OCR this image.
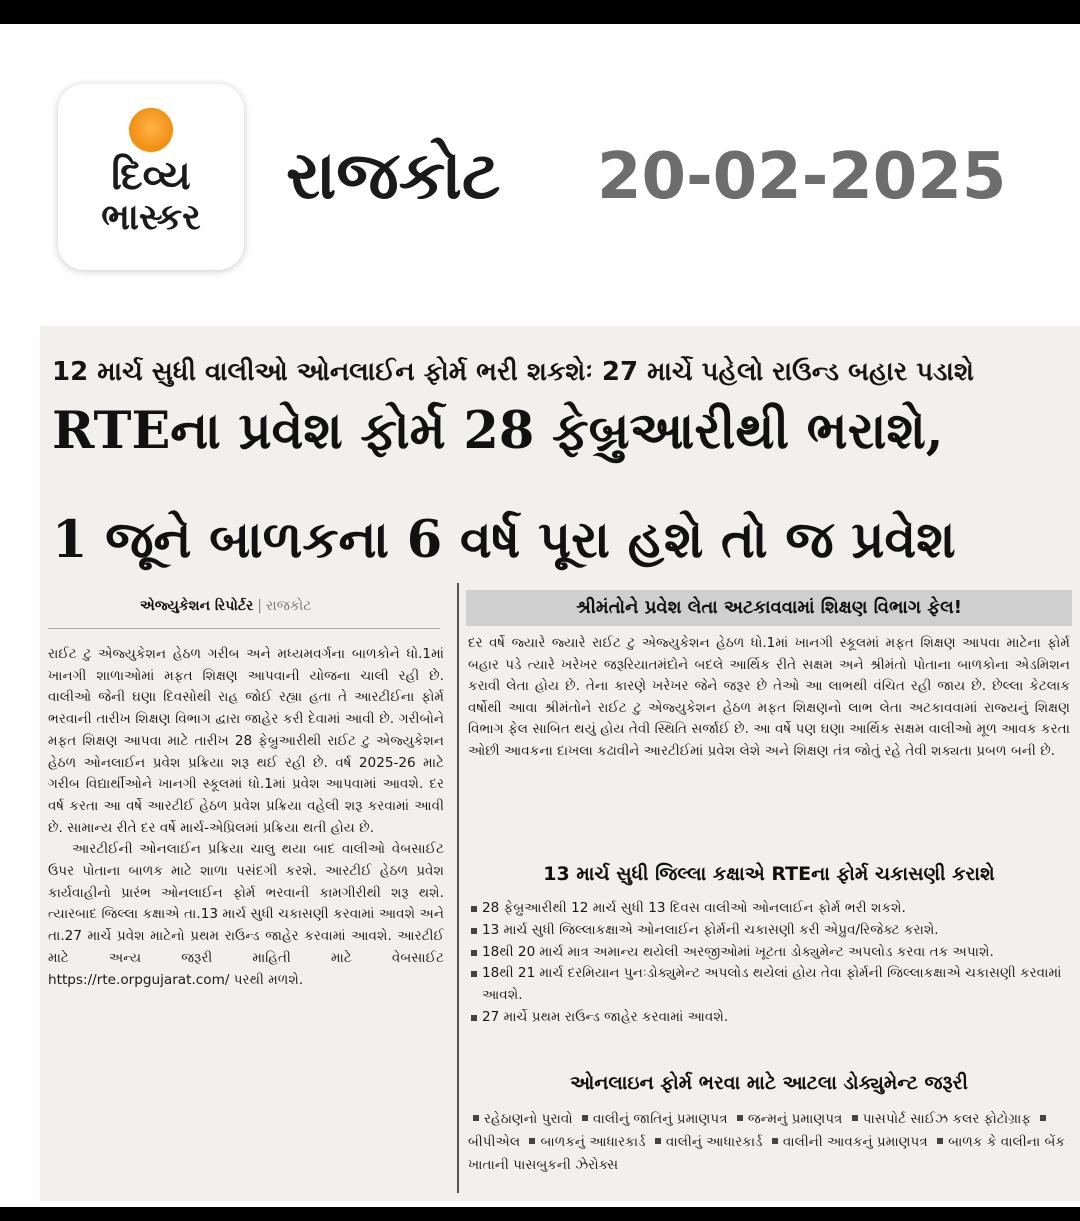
દિવ્ય
ભાસ્કર
રાજકોટ 20-02-2025
12 માર્ચ સુધી વાલીઓ ઓનલાઈન ફોર્મ ભરી શકશેઃ 27 માર્ચે પહેલો રાઉન્ડ બહાર પડાશે
RTEના પ્રવેશ ફોર્મ 28 ફેબ્રુઆરીથી ભરાશે,
1 જૂને બાળકના 6 વર્ષ પૂરા હશે તો જ પ્રવેશ
એજ્યુકેશન રિપોર્ટર | રાજકોટ

રાઈટ ટુ એજ્યુકેશન હેઠળ ગરીબ અને મધ્યમવર્ગના બાળકોને ધો.1માં ખાનગી શાળાઓમાં મફત શિક્ષણ આપવાની યોજના ચાલી રહી છે. વાલીઓ જેની ઘણા દિવસોથી રાહ જોઈ રહ્યા હતા તે આરટીઈના ફોર્મ ભરવાની તારીખ શિક્ષણ વિભાગ દ્વારા જાહેર કરી દેવામાં આવી છે. ગરીબોને મફત શિક્ષણ આપવા માટે તારીખ 28 ફેબ્રુઆરીથી રાઈટ ટુ એજ્યુકેશન હેઠળ ઓનલાઈન પ્રવેશ પ્રક્રિયા શરૂ થઈ રહી છે. વર્ષ 2025-26 માટે ગરીબ વિદ્યાર્થીઓને ખાનગી સ્કૂલમાં ધો.1માં પ્રવેશ આપવામાં આવશે. દર વર્ષ કરતા આ વર્ષે આરટીઈ હેઠળ પ્રવેશ પ્રક્રિયા વહેલી શરૂ કરવામાં આવી છે. સામાન્ય રીતે દર વર્ષે માર્ચ-એપ્રિલમાં પ્રક્રિયા થતી હોય છે.

આરટીઈની ઓનલાઈન પ્રક્રિયા ચાલુ થયા બાદ વાલીઓ વેબસાઈટ ઉપર પોતાના બાળક માટે શાળા પસંદગી કરશે. આરટીઈ હેઠળ પ્રવેશ કાર્યવાહીનો પ્રારંભ ઓનલાઈન ફોર્મ ભરવાની કામગીરીથી શરૂ થશે. ત્યારબાદ જિલ્લા કક્ષાએ તા.13 માર્ચ સુધી ચકાસણી કરવામાં આવશે અને તા.27 માર્ચે પ્રવેશ માટેનો પ્રથમ રાઉન્ડ જાહેર કરવામાં આવશે. આરટીઈ માટે અન્ય જરૂરી માહિતી માટે વેબસાઈટ https://rte.orpgujarat.com/ પરથી મળશે.

શ્રીમંતોને પ્રવેશ લેતા અટકાવવામાં શિક્ષણ વિભાગ ફેલ!

દર વર્ષે જ્યારે જ્યારે રાઈટ ટુ એજ્યુકેશન હેઠળ ધો.1માં ખાનગી સ્કૂલમાં મફત શિક્ષણ આપવા માટેના ફોર્મ બહાર પડે ત્યારે ખરેખર જરૂરિયાતમંદોને બદલે આર્થિક રીતે સક્ષમ અને શ્રીમંતો પોતાના બાળકોના એડમિશન કરાવી લેતા હોય છે. તેના કારણે ખરેખર જેને જરૂર છે તેઓ આ લાભથી વંચિત રહી જાય છે. છેલ્લા કેટલાક વર્ષોથી આવા શ્રીમંતોને રાઈટ ટુ એજ્યુકેશન હેઠળ મફત શિક્ષણનો લાભ લેતા અટકાવવામાં રાજ્યનું શિક્ષણ વિભાગ ફેલ સાબિત થયું હોય તેવી સ્થિતિ સર્જાઈ છે. આ વર્ષે પણ ઘણા આર્થિક સક્ષમ વાલીઓ મૂળ આવક કરતા ઓછી આવકના દાખલા કઢાવીને આરટીઈમાં પ્રવેશ લેશે અને શિક્ષણ તંત્ર જોતું રહે તેવી શક્યતા પ્રબળ બની છે.

13 માર્ચ સુધી જિલ્લા કક્ષાએ RTEના ફોર્મ ચકાસણી કરાશે
28 ફેબ્રુઆરીથી 12 માર્ચ સુધી 13 દિવસ વાલીઓ ઓનલાઈન ફોર્મ ભરી શકશે.
13 માર્ચ સુધી જિલ્લાકક્ષાએ ઓનલાઈન ફોર્મની ચકાસણી કરી એપ્રુવ/રિજેક્ટ કરાશે.
18થી 20 માર્ચ માત્ર અમાન્ય થયેલી અરજીઓમાં ખૂટતા ડોક્યુમેન્ટ અપલોડ કરવા તક અપાશે.
18થી 21 માર્ચ દરમિયાન પુનઃડોક્યુમેન્ટ અપલોડ થયેલાં હોય તેવા ફોર્મની જિલ્લાકક્ષાએ ચકાસણી કરવામાં આવશે.
27 માર્ચે પ્રથમ રાઉન્ડ જાહેર કરવામાં આવશે.
ઓનલાઇન ફોર્મ ભરવા માટે આટલા ડોક્યુમેન્ટ જરૂરી
રહેઠાણનો પુરાવો વાલીનું જાતિનું પ્રમાણપત્ર જન્મનું પ્રમાણપત્ર પાસપોર્ટ સાઈઝ કલર ફોટોગ્રાફ બીપીએલ બાળકનું આધારકાર્ડ વાલીનું આધારકાર્ડ વાલીની આવકનું પ્રમાણપત્ર બાળક કે વાલીના બેંક ખાતાની પાસબુકની ઝેરોક્સ
